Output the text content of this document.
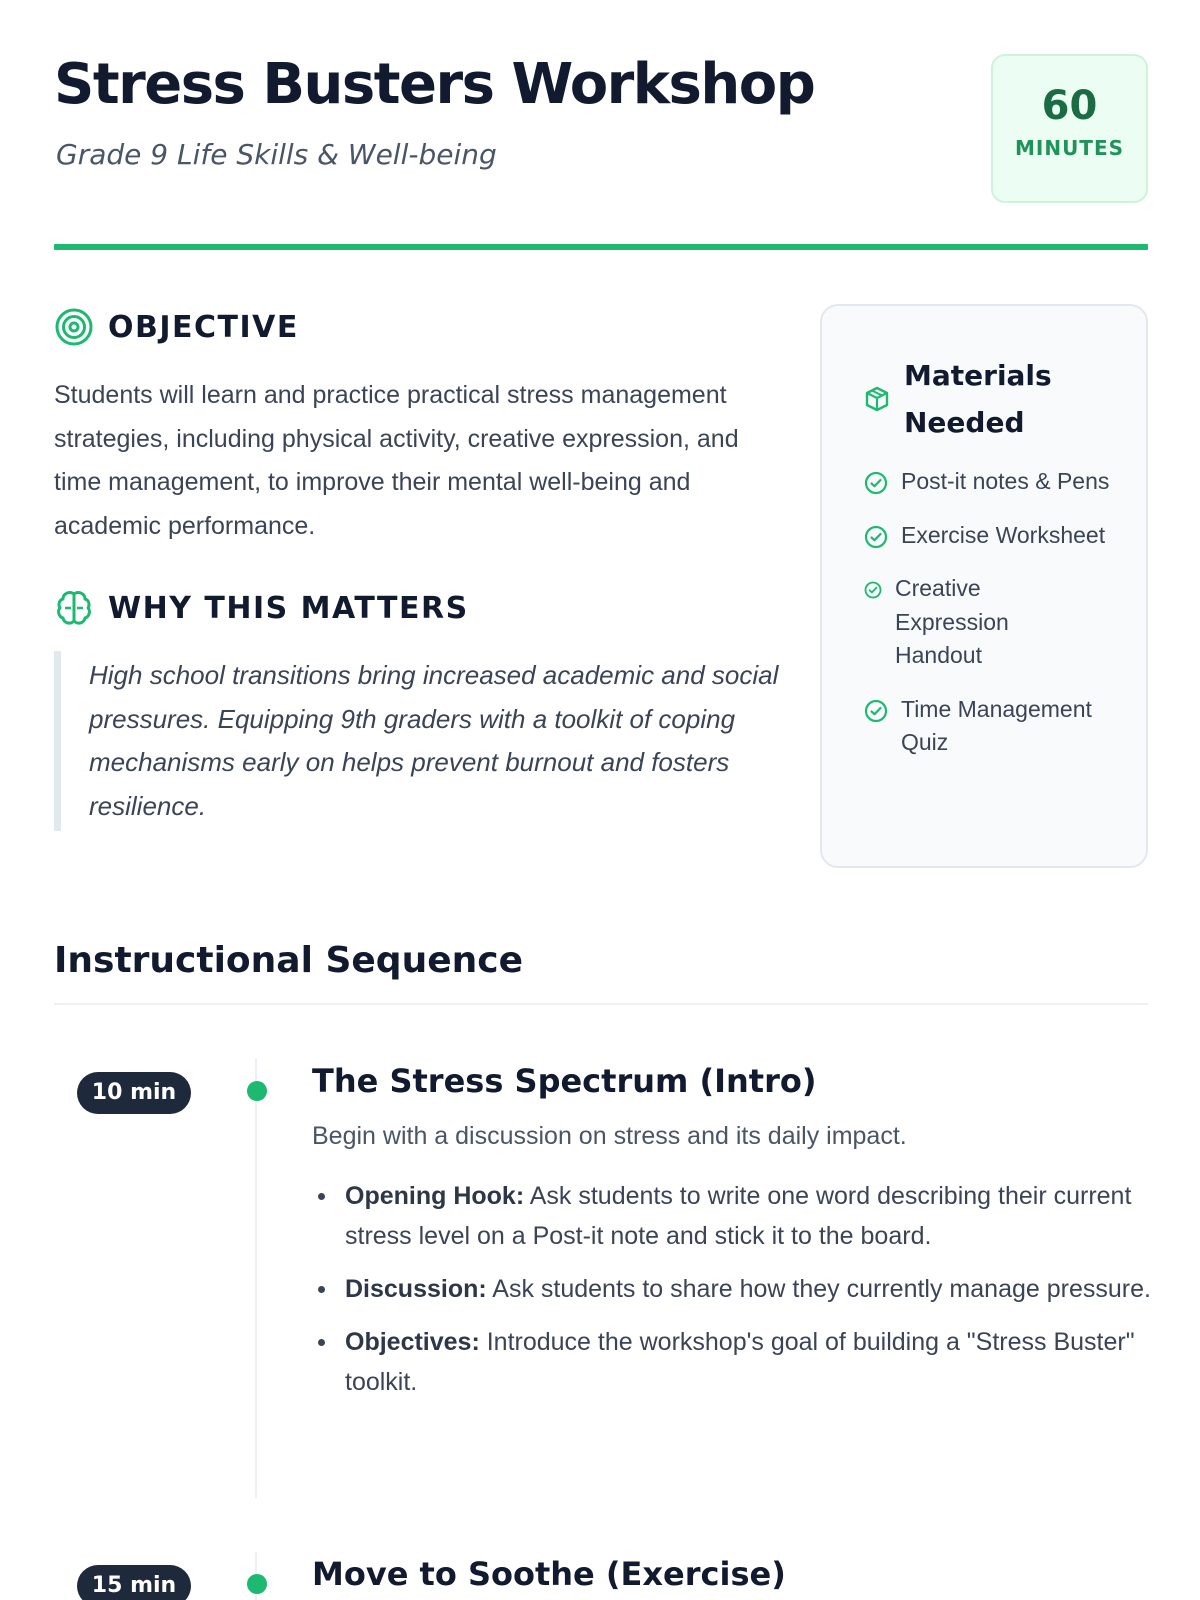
Stress Busters Workshop
Grade 9 Life Skills & Well-being
60
MINUTES
OBJECTIVE

Students will learn and practice practical stress management strategies, including physical activity, creative expression, and time management, to improve their mental well-being and academic performance.

WHY THIS MATTERS

High school transitions bring increased academic and social pressures. Equipping 9th graders with a toolkit of coping mechanisms early on helps prevent burnout and fosters resilience.

Materials Needed
Post-it notes & Pens
Exercise Worksheet
Creative Expression Handout
Time Management Quiz
Instructional Sequence
10 min	The Stress Spectrum (Intro)

Begin with a discussion on stress and its daily impact.

Opening Hook: Ask students to write one word describing their current stress level on a Post-it note and stick it to the board.
Discussion: Ask students to share how they currently manage pressure.
Objectives: Introduce the workshop's goal of building a "Stress Buster" toolkit.
15 min	Move to Soothe (Exercise)
